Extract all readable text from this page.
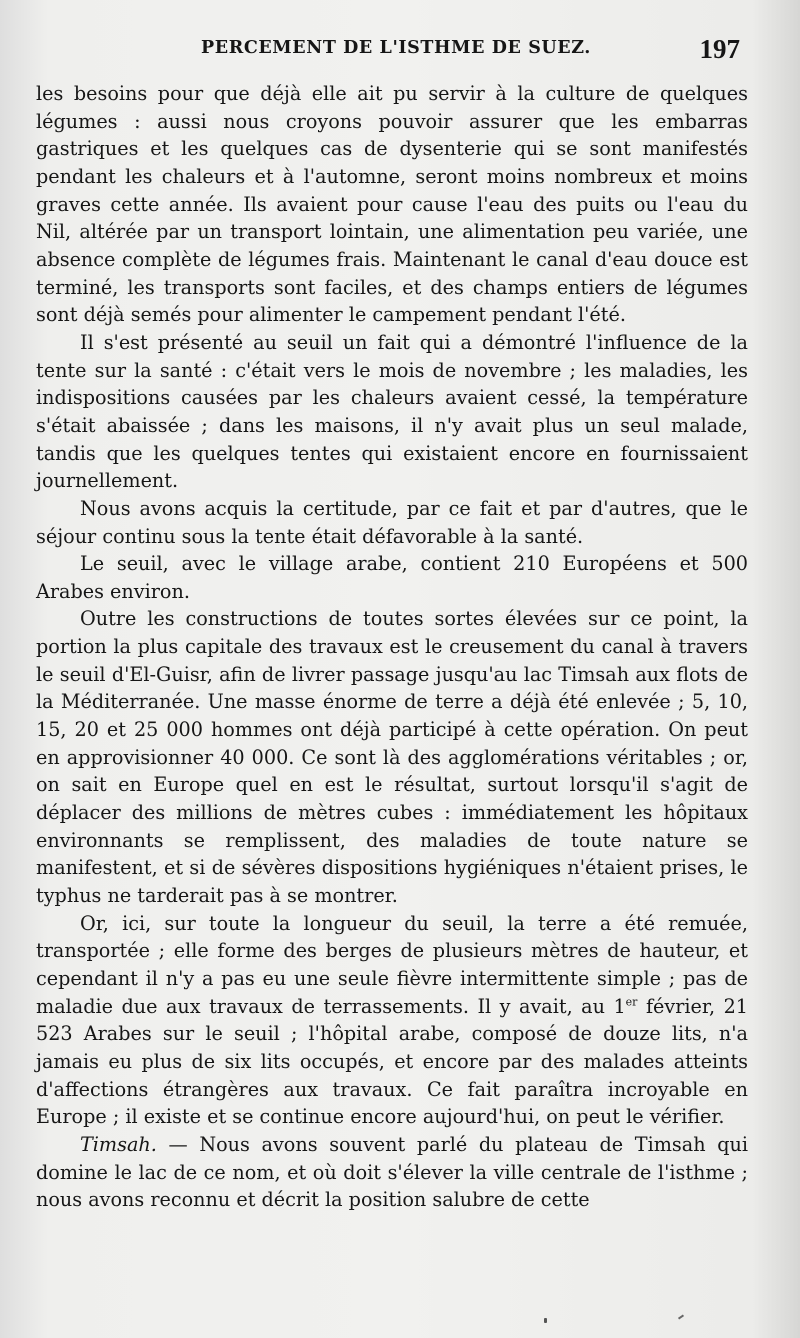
PERCEMENT DE L'ISTHME DE SUEZ.	197

les besoins pour que déjà elle ait pu servir à la culture de quelques légumes : aussi nous croyons pouvoir assurer que les embarras gastriques et les quelques cas de dysenterie qui se sont manifestés pendant les chaleurs et à l'automne, seront moins nombreux et moins graves cette année. Ils avaient pour cause l'eau des puits ou l'eau du Nil, altérée par un transport lointain, une alimentation peu variée, une absence complète de légumes frais. Maintenant le canal d'eau douce est terminé, les transports sont faciles, et des champs entiers de légumes sont déjà semés pour alimenter le campement pendant l'été.

Il s'est présenté au seuil un fait qui a démontré l'influence de la tente sur la santé : c'était vers le mois de novembre ; les maladies, les indispositions causées par les chaleurs avaient cessé, la température s'était abaissée ; dans les maisons, il n'y avait plus un seul malade, tandis que les quelques tentes qui existaient encore en fournissaient journellement.

Nous avons acquis la certitude, par ce fait et par d'autres, que le séjour continu sous la tente était défavorable à la santé.

Le seuil, avec le village arabe, contient 210 Européens et 500 Arabes environ.

Outre les constructions de toutes sortes élevées sur ce point, la portion la plus capitale des travaux est le creusement du canal à travers le seuil d'El-Guisr, afin de livrer passage jusqu'au lac Timsah aux flots de la Méditerranée. Une masse énorme de terre a déjà été enlevée ; 5, 10, 15, 20 et 25 000 hommes ont déjà participé à cette opération. On peut en approvisionner 40 000. Ce sont là des agglomérations véritables ; or, on sait en Europe quel en est le résultat, surtout lorsqu'il s'agit de déplacer des millions de mètres cubes : immédiatement les hôpitaux environnants se remplissent, des maladies de toute nature se manifestent, et si de sévères dispositions hygiéniques n'étaient prises, le typhus ne tarderait pas à se montrer.

Or, ici, sur toute la longueur du seuil, la terre a été remuée, transportée ; elle forme des berges de plusieurs mètres de hauteur, et cependant il n'y a pas eu une seule fièvre intermittente simple ; pas de maladie due aux travaux de terrassements. Il y avait, au 1er février, 21 523 Arabes sur le seuil ; l'hôpital arabe, composé de douze lits, n'a jamais eu plus de six lits occupés, et encore par des malades atteints d'affections étrangères aux travaux. Ce fait paraîtra incroyable en Europe ; il existe et se continue encore aujourd'hui, on peut le vérifier.

Timsah. — Nous avons souvent parlé du plateau de Timsah qui domine le lac de ce nom, et où doit s'élever la ville centrale de l'isthme ; nous avons reconnu et décrit la position salubre de cette
